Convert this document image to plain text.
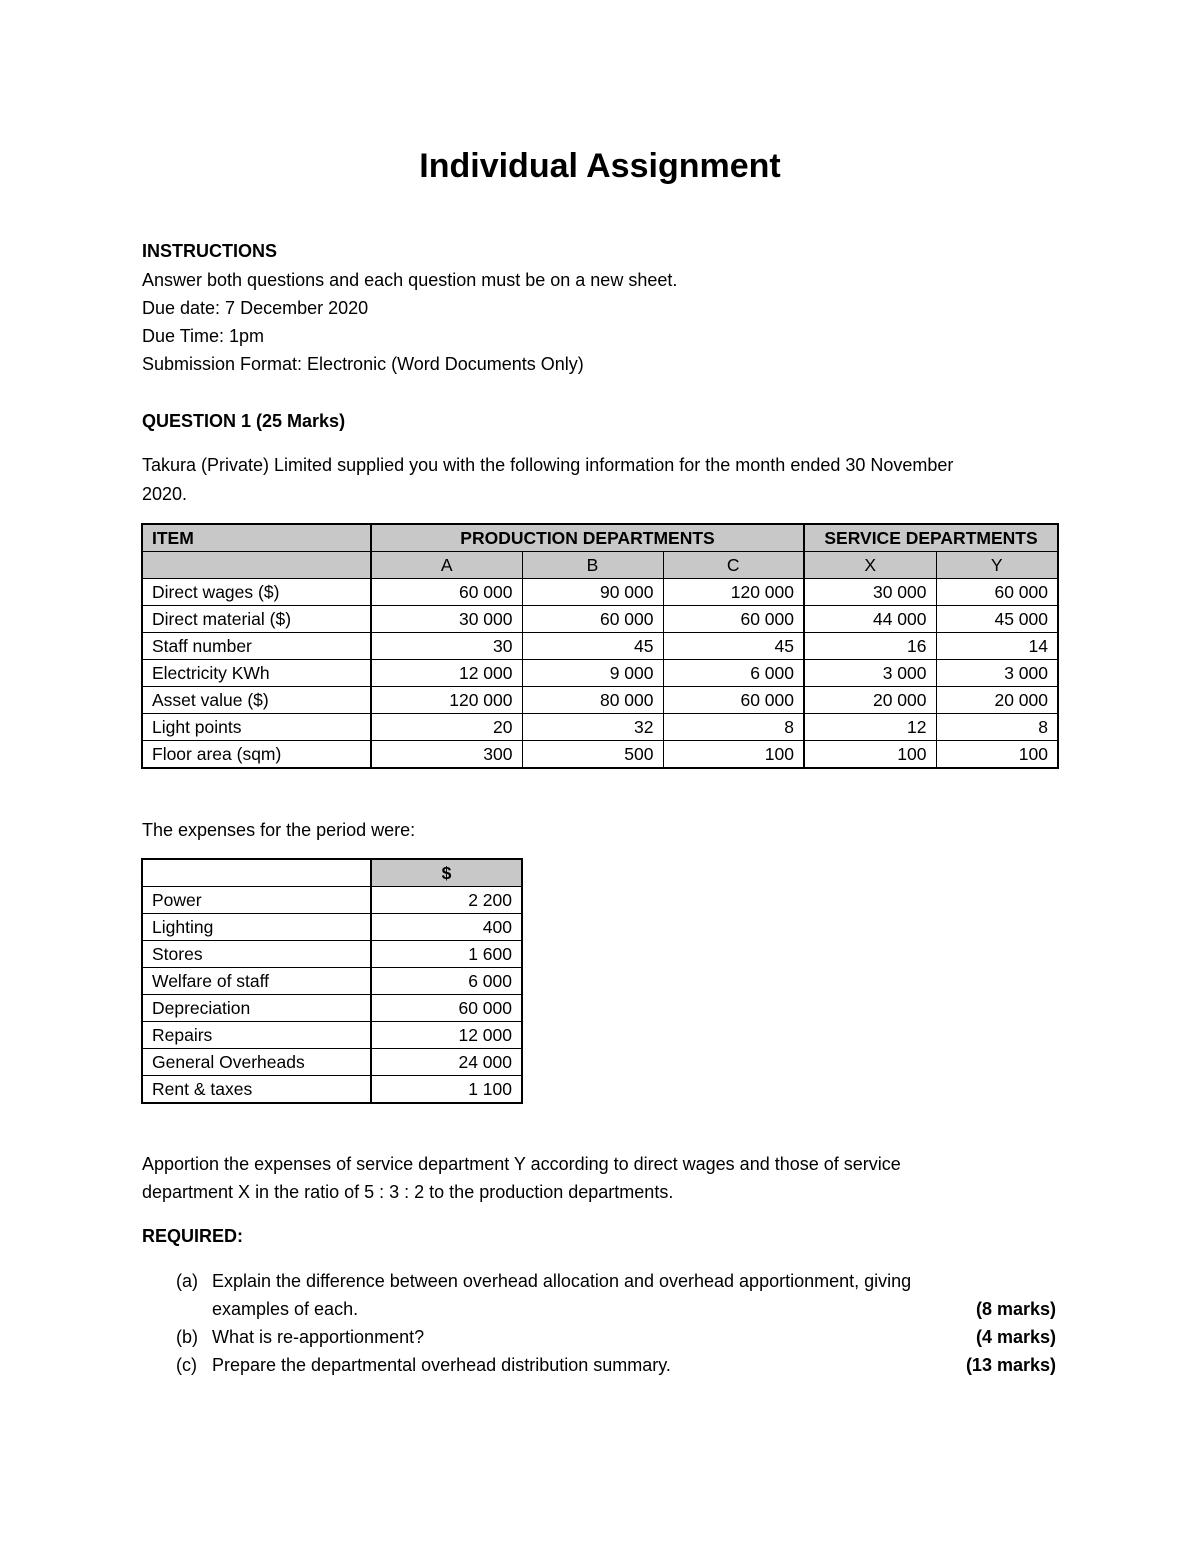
Individual Assignment
INSTRUCTIONS
Answer both questions and each question must be on a new sheet.
Due date: 7 December 2020
Due Time: 1pm
Submission Format: Electronic (Word Documents Only)
QUESTION 1 (25 Marks)
Takura (Private) Limited supplied you with the following information for the month ended 30 November
2020.
ITEM	PRODUCTION DEPARTMENTS			SERVICE DEPARTMENTS	
	A	B	C	X	Y
Direct wages ($)	60 000	90 000	120 000	30 000	60 000
Direct material ($)	30 000	60 000	60 000	44 000	45 000
Staff number	30	45	45	16	14
Electricity KWh	12 000	9 000	6 000	3 000	3 000
Asset value ($)	120 000	80 000	60 000	20 000	20 000
Light points	20	32	8	12	8
Floor area (sqm)	300	500	100	100	100
The expenses for the period were:
	$
Power	2 200
Lighting	400
Stores	1 600
Welfare of staff	6 000
Depreciation	60 000
Repairs	12 000
General Overheads	24 000
Rent & taxes	1 100
Apportion the expenses of service department Y according to direct wages and those of service
department X in the ratio of 5 : 3 : 2 to the production departments.
REQUIRED:
(a) Explain the difference between overhead allocation and overhead apportionment, giving
examples of each.	(8 marks)
(b) What is re-apportionment?	(4 marks)
(c) Prepare the departmental overhead distribution summary.	(13 marks)
